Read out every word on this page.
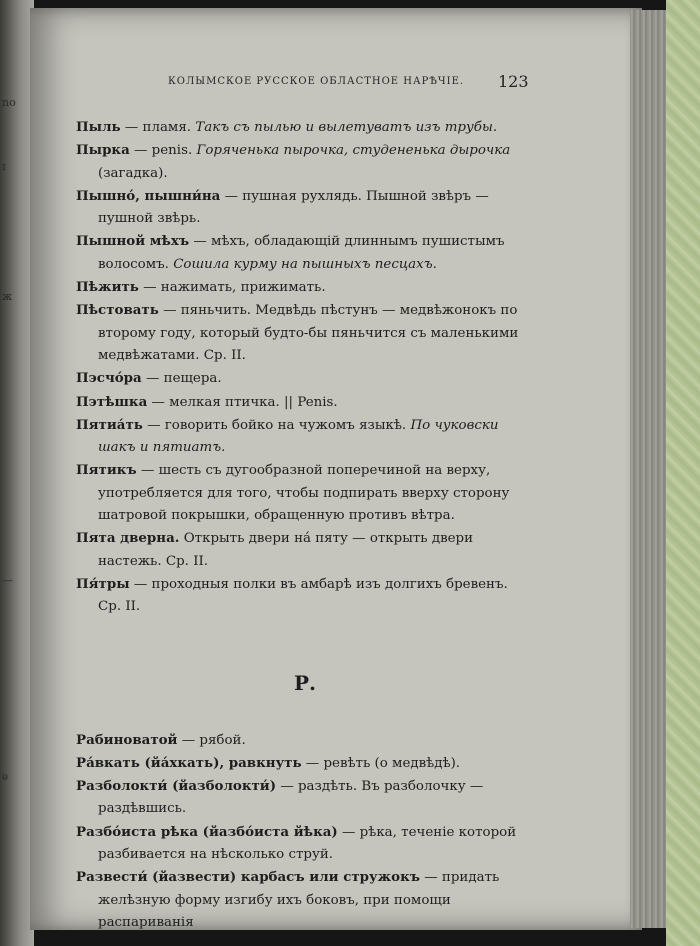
no
ɪ
ж
—
ѳ
КОЛЫМСКОЕ РУССКОЕ ОБЛАСТНОЕ НАРѢЧІЕ. 123

Пыль — пламя. Такъ съ пылью и вылетуватъ изъ трубы.

Пырка — penis. Горяченька пырочка, студененька дырочка (загадка).

Пышно́, пышни́на — пушная рухлядь. Пышной звѣръ — пушной звѣрь.

Пышной мѣхъ — мѣхъ, обладающій длиннымъ пушистымъ волосомъ. Сошила курму на пышныхъ песцахъ.

Пѣжить — нажимать, прижимать.

Пѣстовать — пяньчить. Медвѣдь пѣстунъ — медвѣжонокъ по второму году, который будто-бы пяньчится съ маленькими медвѣжатами. Ср. II.

Пэсчо́ра — пещера.

Пэтѣшка — мелкая птичка. || Penis.

Пятиа́ть — говорить бойко на чужомъ языкѣ. По чуковски шакъ и пятиатъ.

Пятикъ — шесть съ дугообразной поперечиной на верху, употребляется для того, чтобы подпирать вверху сторону шатровой покрышки, обращенную противъ вѣтра.

Пята дверна. Открыть двери на́ пяту — открыть двери настежь. Ср. II.

Пя́тры — проходныя полки въ амбарѣ изъ долгихъ бревенъ. Ср. II.

Р.

Рабиноватой — рябой.

Ра́вкать (йа́хкать), равкнуть — ревѣть (о медвѣдѣ).

Разболокти́ (йазболокти́) — раздѣть. Въ разболочку — раздѣвшись.

Разбо́иста рѣка (йазбо́иста йѣка) — рѣка, теченіе которой разбивается на нѣсколько струй.

Развести́ (йазвести) карбасъ или стружокъ — придать желѣзную форму изгибу ихъ боковъ, при помощи распариванія
